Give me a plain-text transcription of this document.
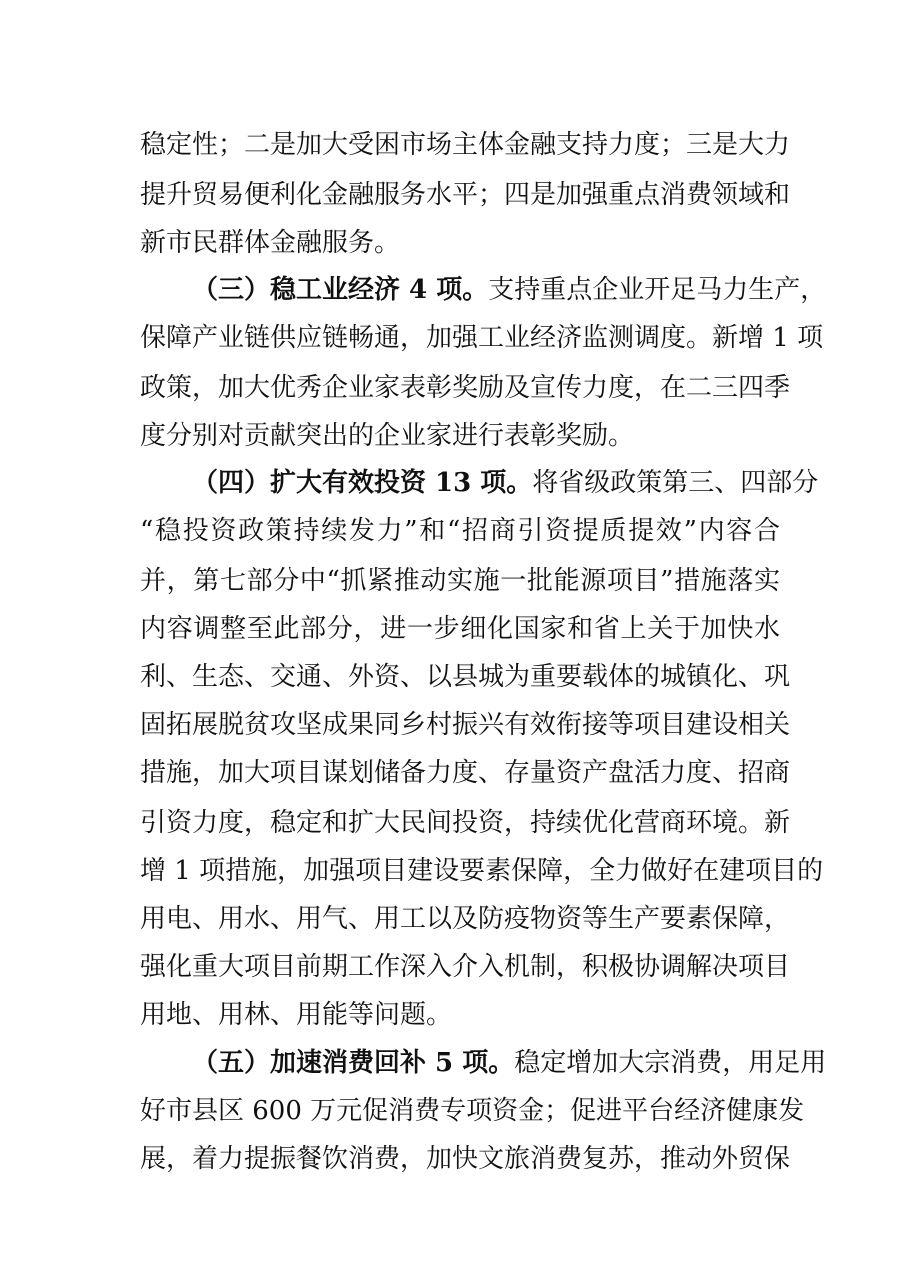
稳定性；二是加大受困市场主体金融支持力度；三是大力
提升贸易便利化金融服务水平；四是加强重点消费领域和
新市民群体金融服务。
（三）稳工业经济 4 项。支持重点企业开足马力生产，
保障产业链供应链畅通，加强工业经济监测调度。新增 1 项
政策，加大优秀企业家表彰奖励及宣传力度，在二三四季
度分别对贡献突出的企业家进行表彰奖励。
（四）扩大有效投资 13 项。将省级政策第三、四部分
“稳投资政策持续发力”和“招商引资提质提效”内容合
并，第七部分中“抓紧推动实施一批能源项目”措施落实
内容调整至此部分，进一步细化国家和省上关于加快水
利、生态、交通、外资、以县城为重要载体的城镇化、巩
固拓展脱贫攻坚成果同乡村振兴有效衔接等项目建设相关
措施，加大项目谋划储备力度、存量资产盘活力度、招商
引资力度，稳定和扩大民间投资，持续优化营商环境。新
增 1 项措施，加强项目建设要素保障，全力做好在建项目的
用电、用水、用气、用工以及防疫物资等生产要素保障，
强化重大项目前期工作深入介入机制，积极协调解决项目
用地、用林、用能等问题。
（五）加速消费回补 5 项。稳定增加大宗消费，用足用
好市县区 600 万元促消费专项资金；促进平台经济健康发
展，着力提振餐饮消费，加快文旅消费复苏，推动外贸保
